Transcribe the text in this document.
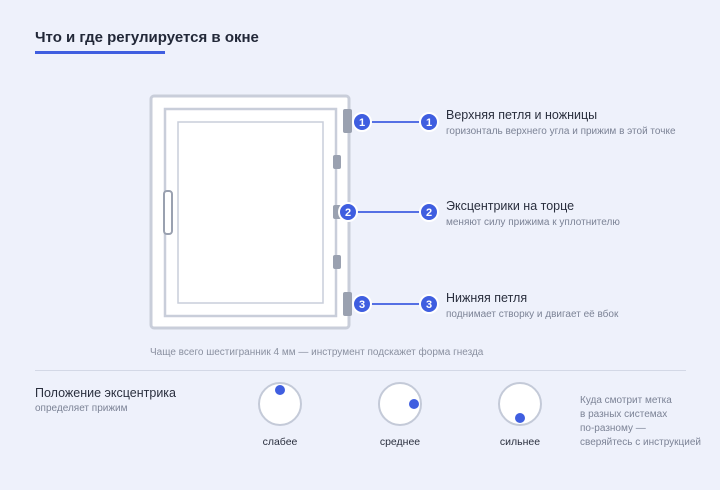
Что и где регулируется в окне
1
2
3
1
2
3
Верхняя петля и ножницы
горизонталь верхнего угла и прижим в этой точке
Эксцентрики на торце
меняют силу прижима к уплотнителю
Нижняя петля
поднимает створку и двигает её вбок
Чаще всего шестигранник 4 мм — инструмент подскажет форма гнезда
Положение эксцентрика
определяет прижим
слабее	среднее	сильнее
Куда смотрит метка
в разных системах
по-разному —
сверяйтесь с инструкцией
